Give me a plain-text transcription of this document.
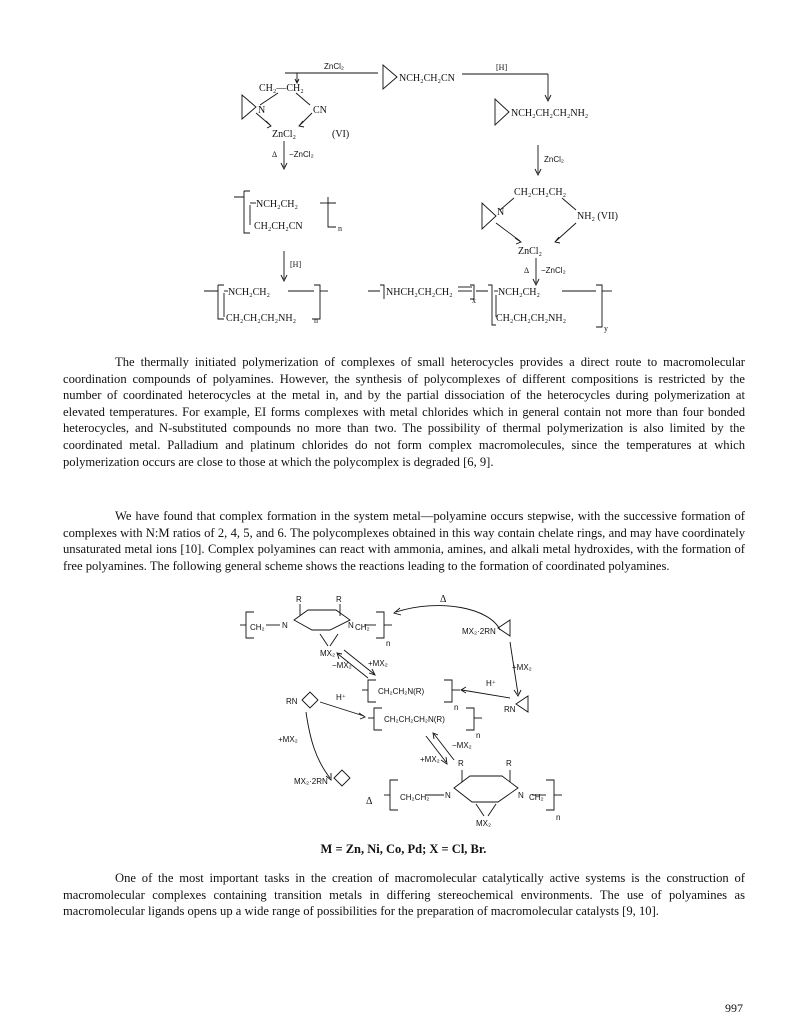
ZnCl₂	[H]
NCH₂CH₂CN
CH₂—CH₂
N	CN
ZnCl₂	(VI)
Δ −ZnCl₂
NCH₂CH₂CH₂NH₂
ZnCl₂
CH₂CH₂CH₂
N	NH₂ (VII)
ZnCl₂
Δ −ZnCl₂
NCH₂CH₂
CH₂CH₂CN	n
[H]
NCH₂CH₂
CH₂CH₂CH₂NH₂ n
NHCH₂CH₂CH₂
x
NCH₂CH₂
CH₂CH₂CH₂NH₂
y

The thermally initiated polymerization of complexes of small heterocycles provides a direct route to macromolecular coordination compounds of polyamines. However, the synthesis of polycomplexes of different compositions is restricted by the number of coordinated heterocycles at the metal in, and by the partial dissociation of the heterocycles during polymerization at elevated temperatures. For example, EI forms complexes with metal chlorides which in general contain not more than four bonded heterocycles, and N-substituted compounds no more than two. The possibility of thermal polymerization is also limited by the coordinated metal. Palladium and platinum chlorides do not form complex macromolecules, since the temperatures at which polymerization occurs are close to those at which the polycomplex is degraded [6, 9].

We have found that complex formation in the system metal—polyamine occurs stepwise, with the successive formation of complexes with N:M ratios of 2, 4, 5, and 6. The polycomplexes obtained in this way contain chelate rings, and may have coordinately unsaturated metal ions [10]. Complex polyamines can react with ammonia, amines, and alkali metal hydroxides, with the formation of free polyamines. The following general scheme shows the reactions leading to the formation of coordinated polyamines.

CH₂
R	R
N	N CH₂
MX₂
n
Δ
MX₂·2RN
−MX₂ +MX₂	+MX₂
CH₂CH₂N(R)
n
H⁺
RN
RN	H⁺
CH₂CH₂CH₂N(R)
n
+MX₂
−MX₂
+MX₂
MX₂·2RN
Δ
R	R
CH₂CH₂ N	N CH₂
MX₂
n
M = Zn, Ni, Co, Pd; X = Cl, Br.

One of the most important tasks in the creation of macromolecular catalytically active systems is the construction of macromolecular complexes containing transition metals in differing stereochemical environments. The use of polyamines as macromolecular ligands opens up a wide range of possibilities for the preparation of macromolecular catalysts [9, 10].

997
